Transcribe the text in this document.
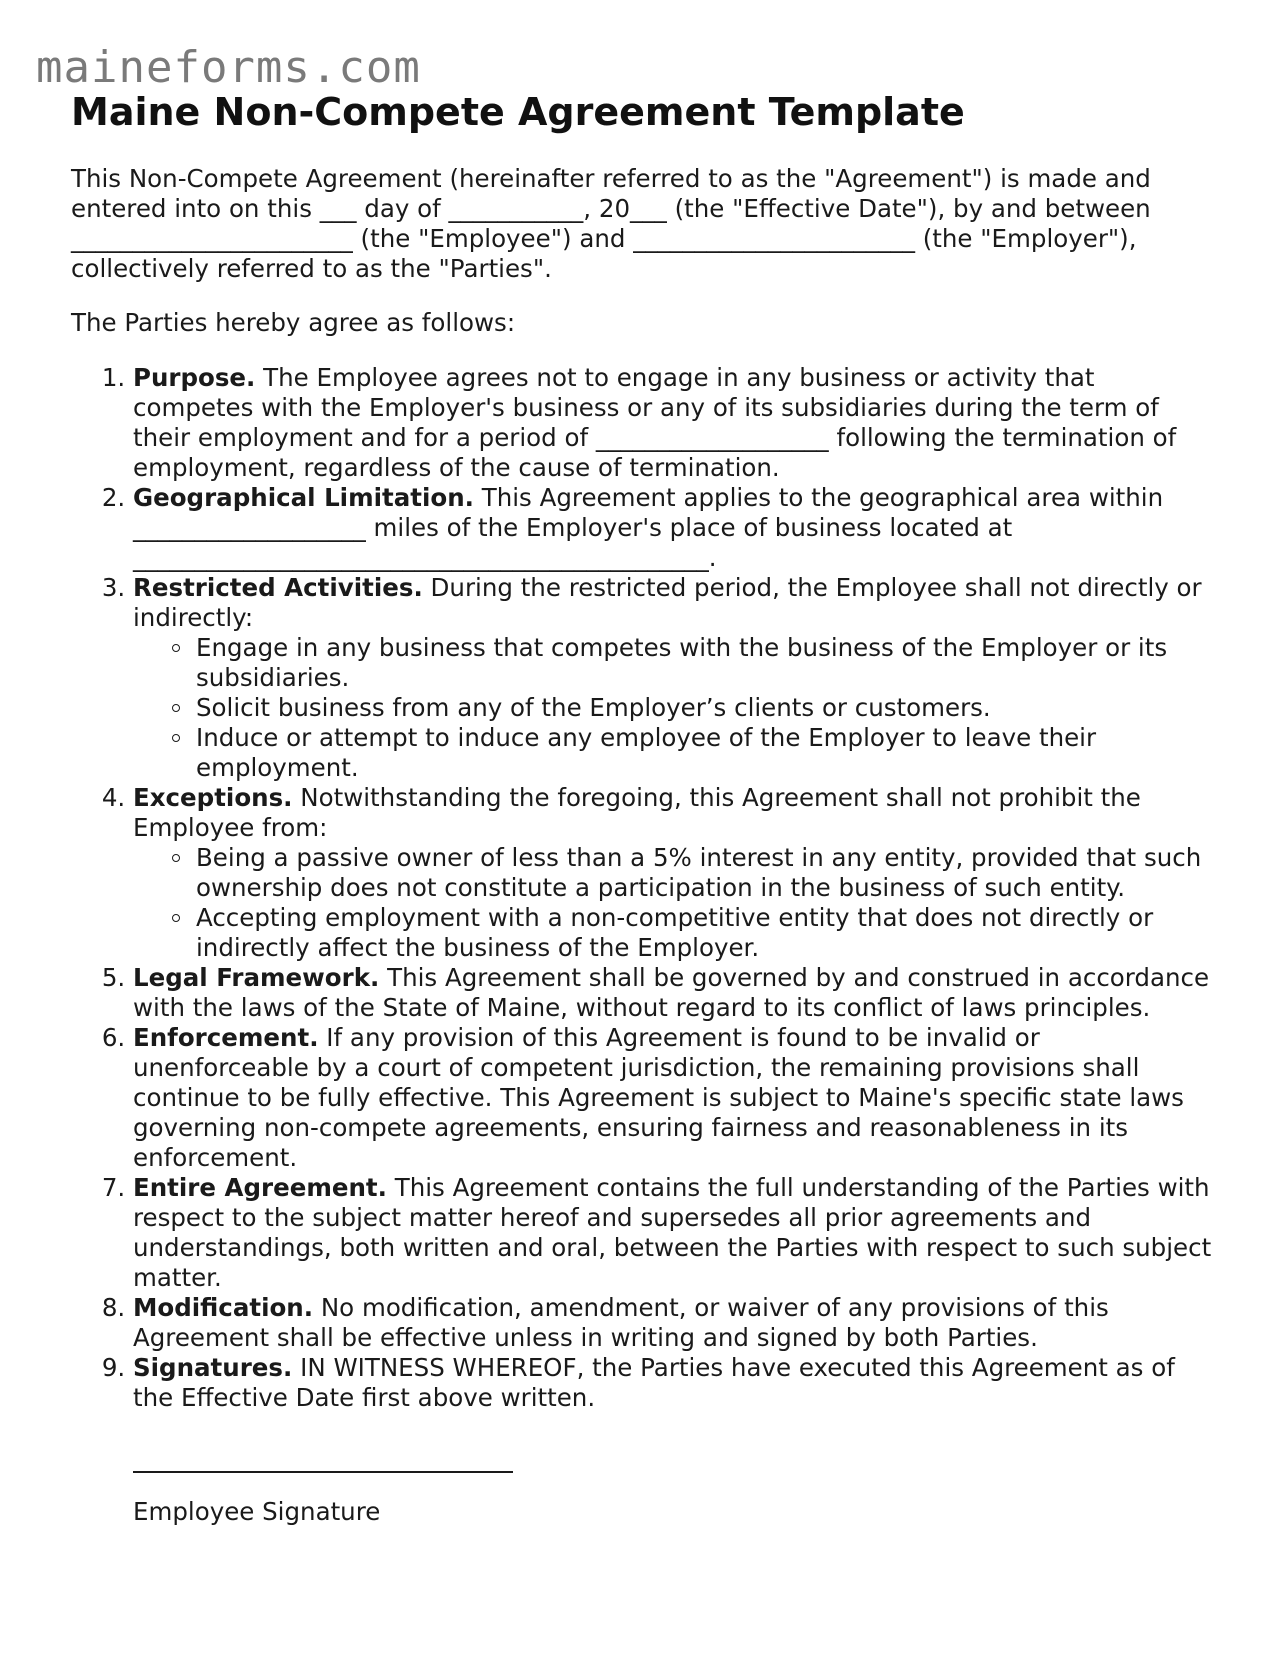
maineforms.com
Maine Non-Compete Agreement Template

This Non-Compete Agreement (hereinafter referred to as the "Agreement") is made and entered into on this ___ day of ___________, 20___ (the "Effective Date"), by and between _______________________ (the "Employee") and _______________________ (the "Employer"), collectively referred to as the "Parties".

The Parties hereby agree as follows:

1. Purpose. The Employee agrees not to engage in any business or activity that competes with the Employer's business or any of its subsidiaries during the term of their employment and for a period of ___________________ following the termination of employment, regardless of the cause of termination.
2. Geographical Limitation. This Agreement applies to the geographical area within ___________________ miles of the Employer's place of business located at _______________________________________________.
3. Restricted Activities. During the restricted period, the Employee shall not directly or indirectly:
Engage in any business that competes with the business of the Employer or its subsidiaries.
Solicit business from any of the Employer’s clients or customers.
Induce or attempt to induce any employee of the Employer to leave their employment.
4. Exceptions. Notwithstanding the foregoing, this Agreement shall not prohibit the Employee from:
Being a passive owner of less than a 5% interest in any entity, provided that such ownership does not constitute a participation in the business of such entity.
Accepting employment with a non-competitive entity that does not directly or indirectly affect the business of the Employer.
5. Legal Framework. This Agreement shall be governed by and construed in accordance with the laws of the State of Maine, without regard to its conflict of laws principles.
6. Enforcement. If any provision of this Agreement is found to be invalid or unenforceable by a court of competent jurisdiction, the remaining provisions shall continue to be fully effective. This Agreement is subject to Maine's specific state laws governing non-compete agreements, ensuring fairness and reasonableness in its enforcement.
7. Entire Agreement. This Agreement contains the full understanding of the Parties with respect to the subject matter hereof and supersedes all prior agreements and understandings, both written and oral, between the Parties with respect to such subject matter.
8. Modification. No modification, amendment, or waiver of any provisions of this Agreement shall be effective unless in writing and signed by both Parties.
9. Signatures. IN WITNESS WHEREOF, the Parties have executed this Agreement as of the Effective Date first above written.

Employee Signature
